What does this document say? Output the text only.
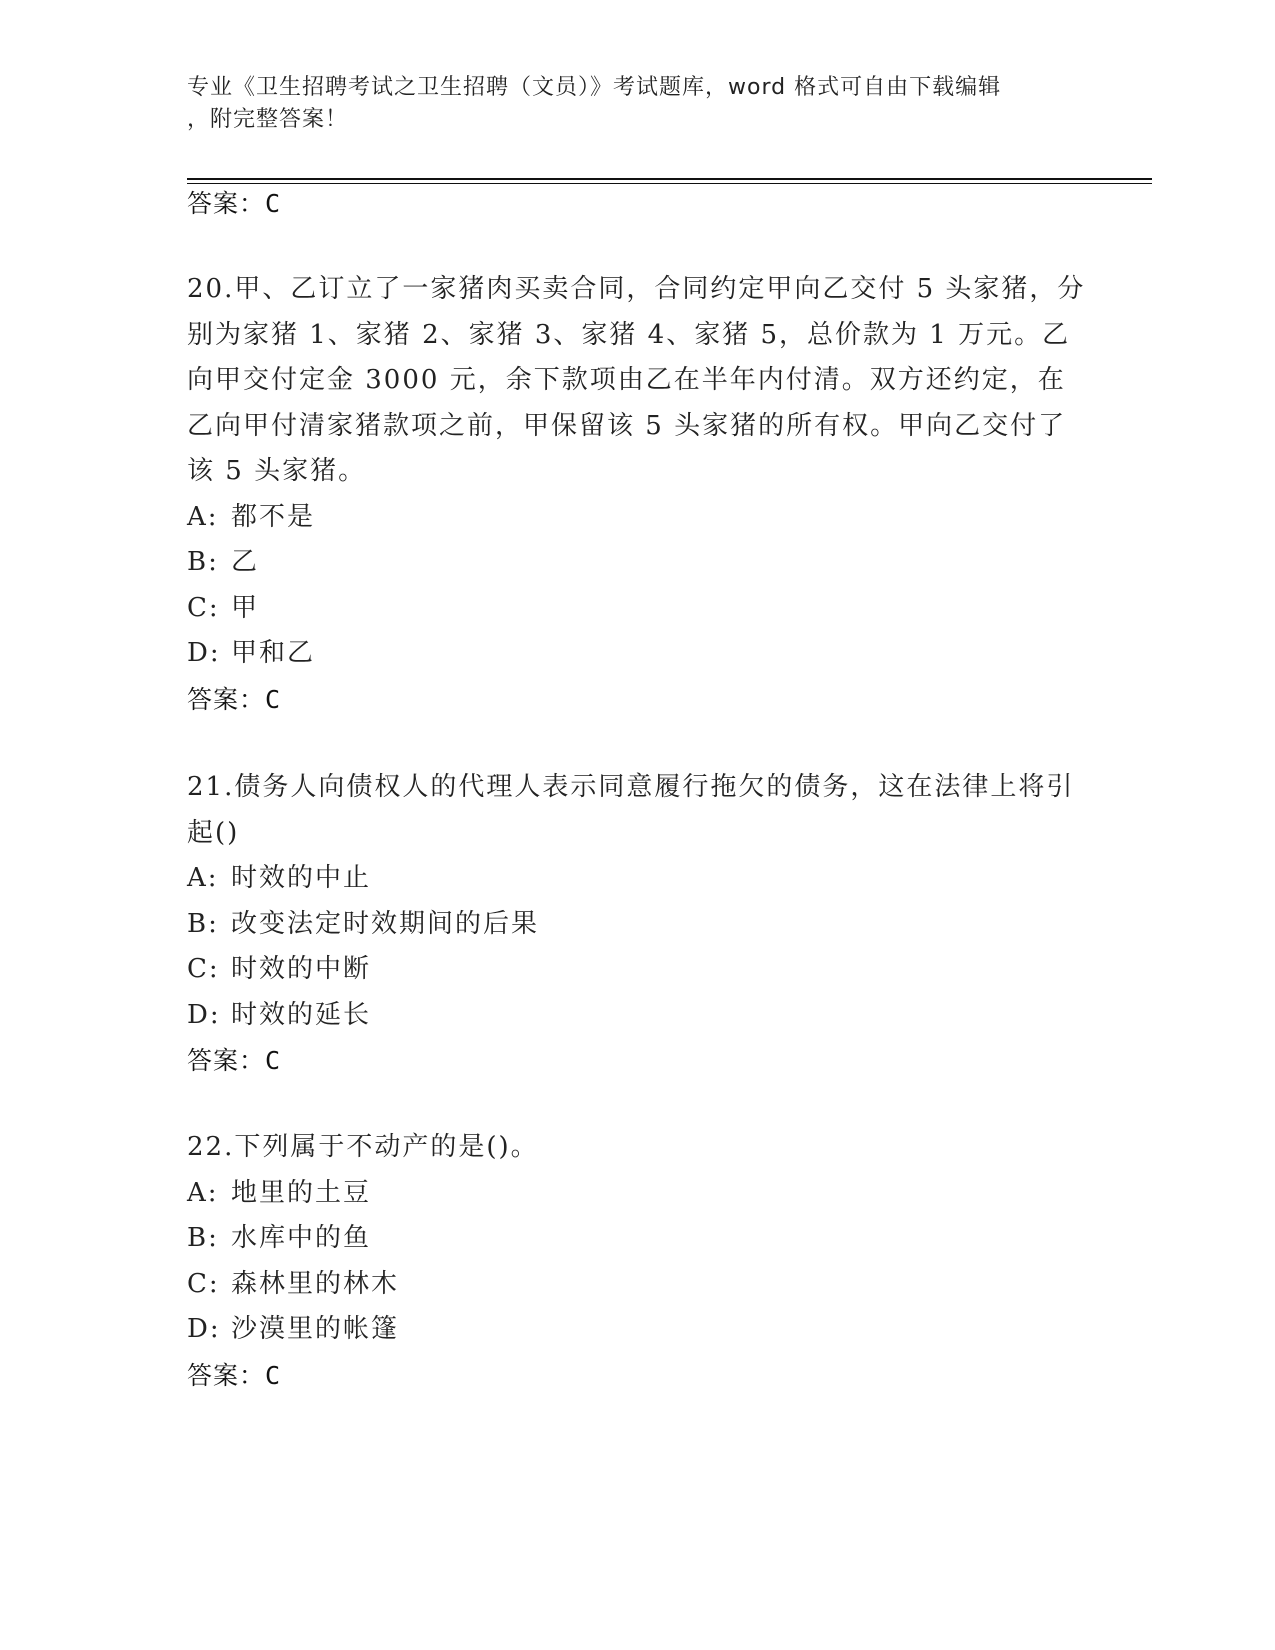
专业《卫生招聘考试之卫生招聘（文员）》考试题库，word 格式可自由下载编辑
，附完整答案！
答案：C
20.甲、乙订立了一家猪肉买卖合同，合同约定甲向乙交付 5 头家猪，分别为家猪 1、家猪 2、家猪 3、家猪 4、家猪 5，总价款为 1 万元。乙向甲交付定金 3000 元，余下款项由乙在半年内付清。双方还约定，在乙向甲付清家猪款项之前，甲保留该 5 头家猪的所有权。甲向乙交付了该 5 头家猪。
A: 都不是
B: 乙
C: 甲
D: 甲和乙
答案：C
21.债务人向债权人的代理人表示同意履行拖欠的债务，这在法律上将引起()
A: 时效的中止
B: 改变法定时效期间的后果
C: 时效的中断
D: 时效的延长
答案：C
22.下列属于不动产的是()。
A: 地里的土豆
B: 水库中的鱼
C: 森林里的林木
D: 沙漠里的帐篷
答案：C
